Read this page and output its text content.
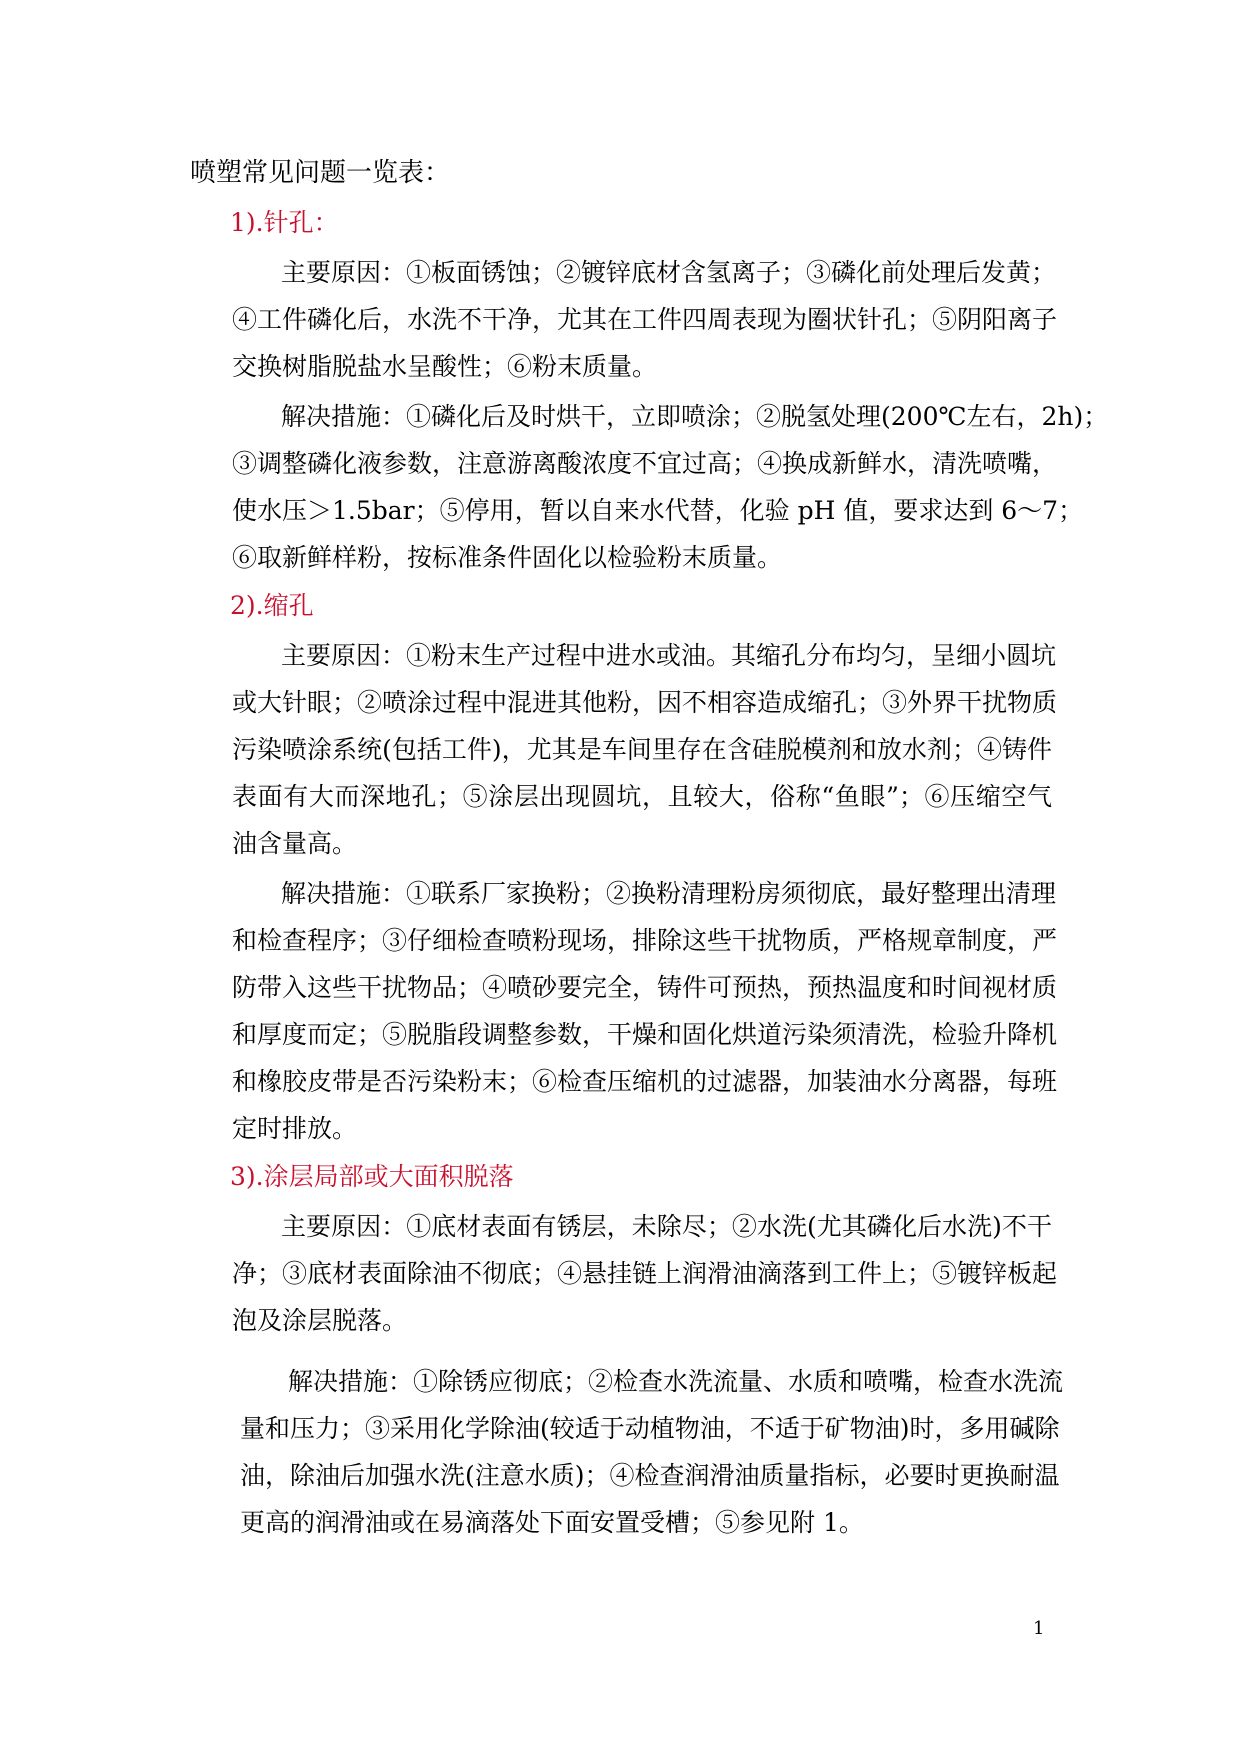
喷塑常见问题一览表：
1).针孔：
主要原因：①板面锈蚀；②镀锌底材含氢离子；③磷化前处理后发黄；
④工件磷化后，水洗不干净，尤其在工件四周表现为圈状针孔；⑤阴阳离子
交换树脂脱盐水呈酸性；⑥粉末质量。
解决措施：①磷化后及时烘干，立即喷涂；②脱氢处理(200℃左右，2h)；
③调整磷化液参数，注意游离酸浓度不宜过高；④换成新鲜水，清洗喷嘴，
使水压＞1.5bar；⑤停用，暂以自来水代替，化验 pH 值，要求达到 6～7；
⑥取新鲜样粉，按标准条件固化以检验粉末质量。
2).缩孔
主要原因：①粉末生产过程中进水或油。其缩孔分布均匀，呈细小圆坑
或大针眼；②喷涂过程中混进其他粉，因不相容造成缩孔；③外界干扰物质
污染喷涂系统(包括工件)，尤其是车间里存在含硅脱模剂和放水剂；④铸件
表面有大而深地孔；⑤涂层出现圆坑，且较大，俗称“鱼眼”；⑥压缩空气
油含量高。
解决措施：①联系厂家换粉；②换粉清理粉房须彻底，最好整理出清理
和检查程序；③仔细检查喷粉现场，排除这些干扰物质，严格规章制度，严
防带入这些干扰物品；④喷砂要完全，铸件可预热，预热温度和时间视材质
和厚度而定；⑤脱脂段调整参数，干燥和固化烘道污染须清洗，检验升降机
和橡胶皮带是否污染粉末；⑥检查压缩机的过滤器，加装油水分离器，每班
定时排放。
3).涂层局部或大面积脱落
主要原因：①底材表面有锈层，未除尽；②水洗(尤其磷化后水洗)不干
净；③底材表面除油不彻底；④悬挂链上润滑油滴落到工件上；⑤镀锌板起
泡及涂层脱落。
解决措施：①除锈应彻底；②检查水洗流量、水质和喷嘴，检查水洗流
量和压力；③采用化学除油(较适于动植物油，不适于矿物油)时，多用碱除
油，除油后加强水洗(注意水质)；④检查润滑油质量指标，必要时更换耐温
更高的润滑油或在易滴落处下面安置受槽；⑤参见附 1。
1
